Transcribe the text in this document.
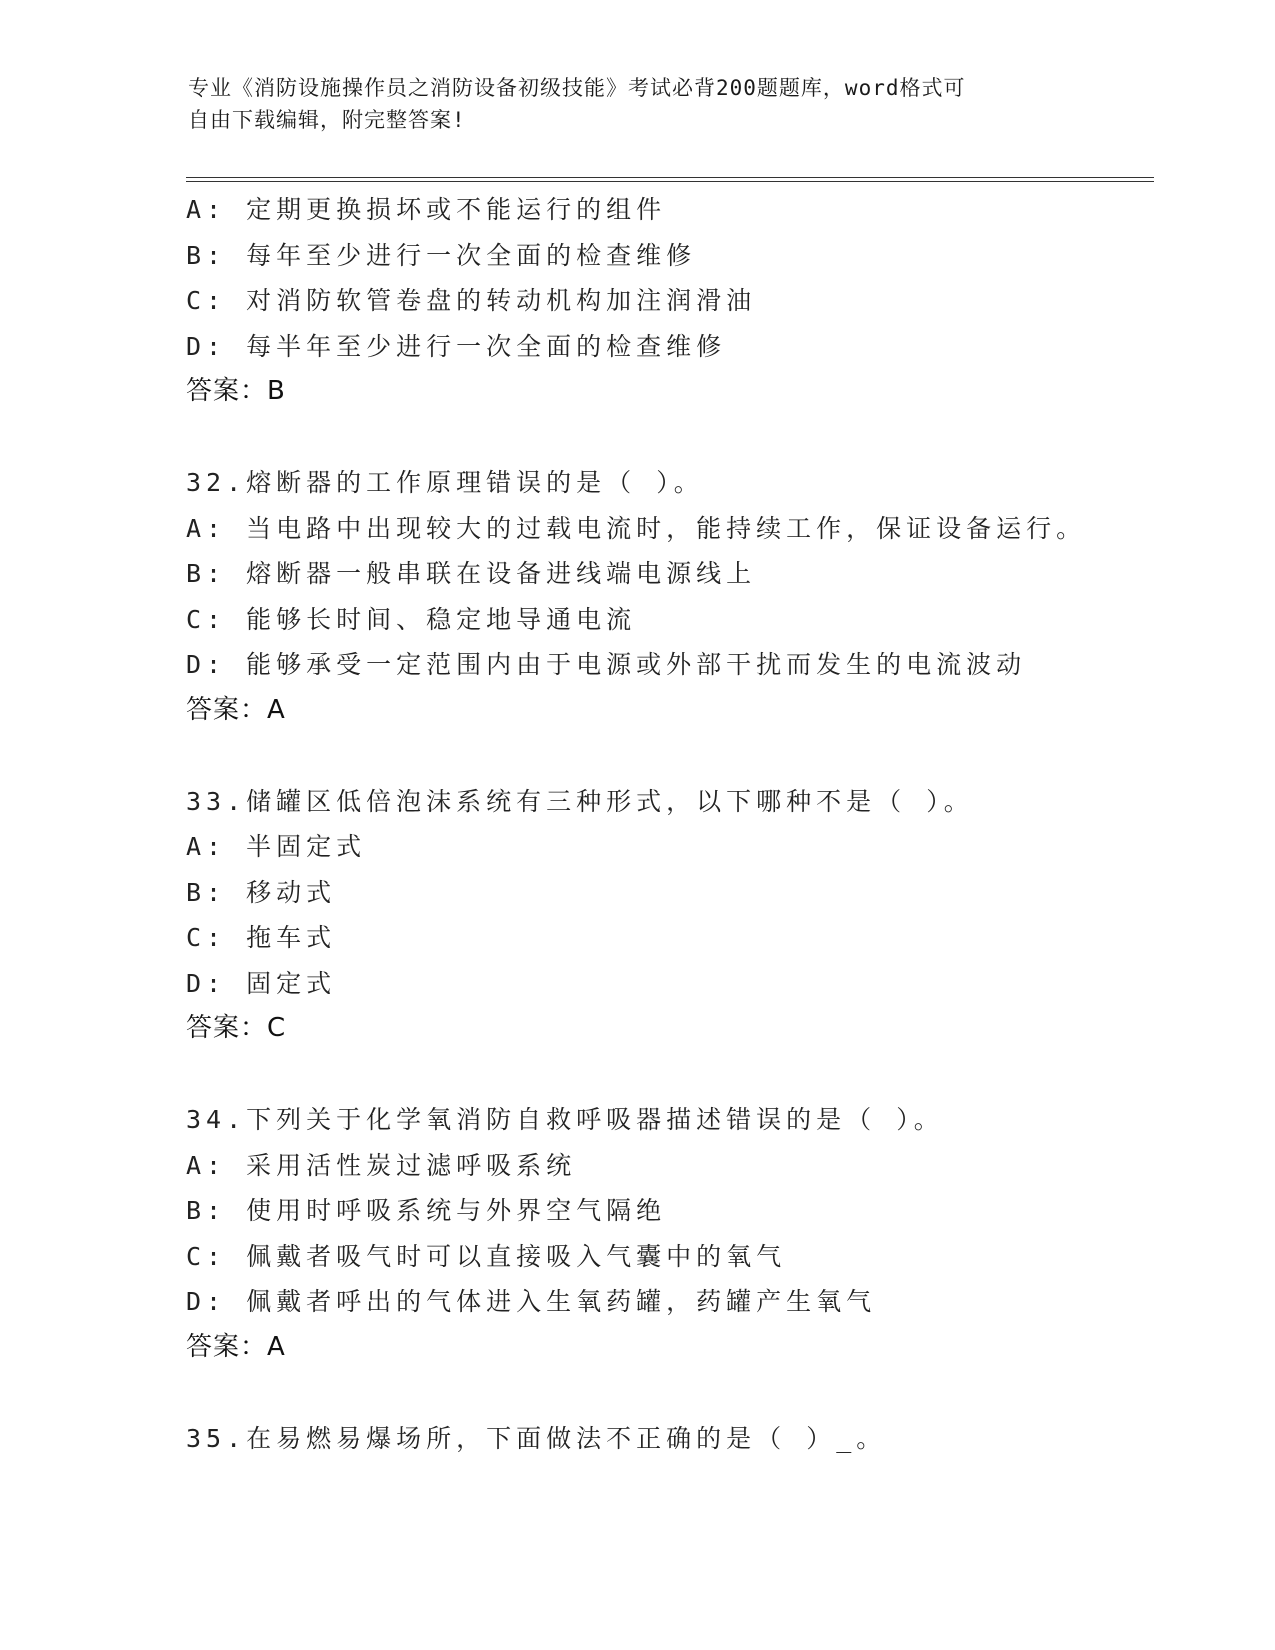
专业《消防设施操作员之消防设备初级技能》考试必背200题题库，word格式可
自由下载编辑，附完整答案!
A: 定期更换损坏或不能运行的组件
B: 每年至少进行一次全面的检查维修
C: 对消防软管卷盘的转动机构加注润滑油
D: 每半年至少进行一次全面的检查维修
答案：B
32.熔断器的工作原理错误的是（ ）。
A: 当电路中出现较大的过载电流时，能持续工作，保证设备运行。
B: 熔断器一般串联在设备进线端电源线上
C: 能够长时间、稳定地导通电流
D: 能够承受一定范围内由于电源或外部干扰而发生的电流波动
答案：A
33.储罐区低倍泡沫系统有三种形式，以下哪种不是（ ）。
A: 半固定式
B: 移动式
C: 拖车式
D: 固定式
答案：C
34.下列关于化学氧消防自救呼吸器描述错误的是（ ）。
A: 采用活性炭过滤呼吸系统
B: 使用时呼吸系统与外界空气隔绝
C: 佩戴者吸气时可以直接吸入气囊中的氧气
D: 佩戴者呼出的气体进入生氧药罐，药罐产生氧气
答案：A
35.在易燃易爆场所，下面做法不正确的是（ ）_。
